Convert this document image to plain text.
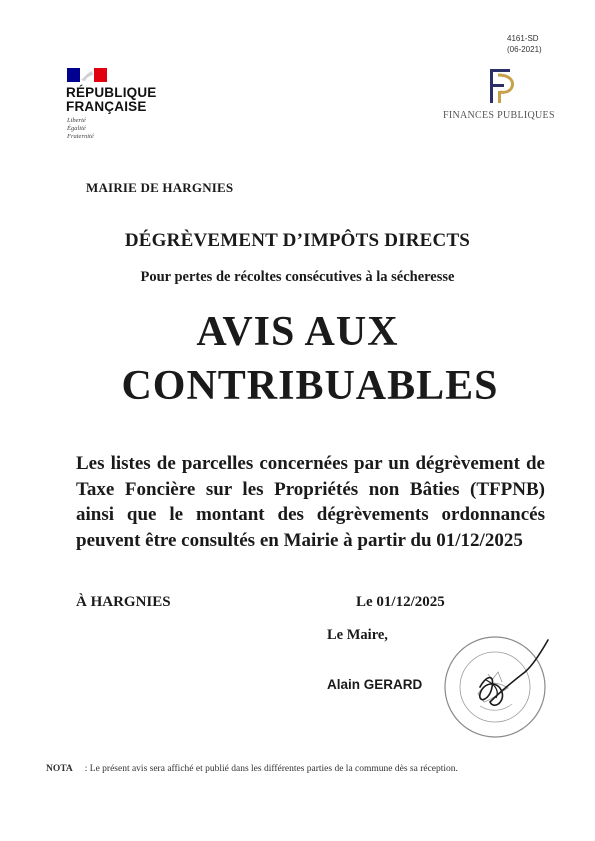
RÉPUBLIQUE
FRANÇAISE
Liberté
Égalité
Fraternité
4161-SD
(06-2021)
FINANCES PUBLIQUES
MAIRIE DE HARGNIES
DÉGRÈVEMENT D’IMPÔTS DIRECTS
Pour pertes de récoltes consécutives à la sécheresse
AVIS AUX
CONTRIBUABLES
Les listes de parcelles concernées par un dégrèvement de Taxe Foncière sur les Propriétés non Bâties (TFPNB) ainsi que le montant des dégrèvements ordonnancés peuvent être consultés en Mairie à partir du 01/12/2025
À HARGNIES	Le 01/12/2025
Le Maire,
Alain GERARD
NOTA : Le présent avis sera affiché et publié dans les différentes parties de la commune dès sa réception.
